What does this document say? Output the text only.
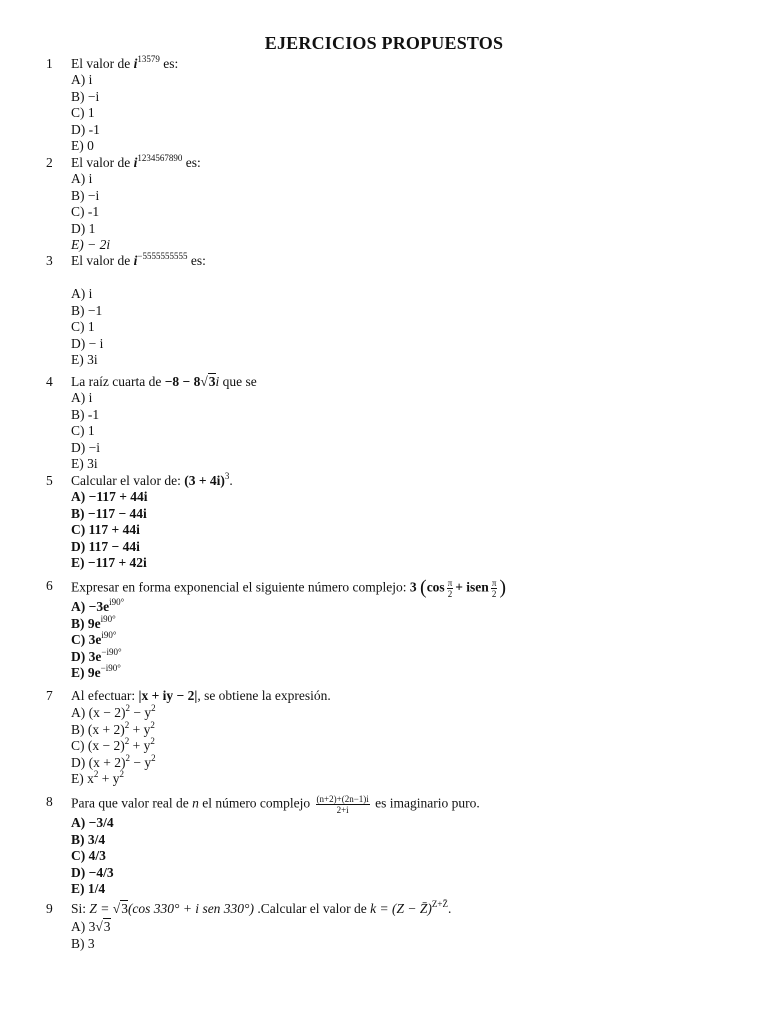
EJERCICIOS PROPUESTOS
1 El valor de $i^{13579}$ es:
A) i
B) −i
C) 1
D) -1
E) 0
2 El valor de $i^{1234567890}$ es:
A) i
B) −i
C) -1
D) 1
E) − 2i
3 El valor de $i^{-5555555555}$ es:
A) i
B) −1
C) 1
D) − i
E) 3i
4 La raíz cuarta de −8 − 8√3i que se
A) i
B) -1
C) 1
D) −i
E) 3i
5 Calcular el valor de: $(3 + 4i)^3$.
A) −117 + 44i
B) −117 − 44i
C) 117 + 44i
D) 117 − 44i
E) −117 + 42i
6 Expresar en forma exponencial el siguiente número complejo: 3 ($\cos \frac{\pi}{2}$ + isen $\frac{\pi}{2}$ )
$A) -3e^{i90^\circ}$
B) $9e^{i90^\circ}$
C) $3e^{i90^\circ}$
D) $3e^{-i90^\circ}$
E) $9e^{-i90^\circ}$
7 Al efectuar: |x + iy − 2|, se obtiene la expresión.
A) $(x - 2)^2 - y^2$
B) $(x + 2)^2 + y^2$
C) $(x - 2)^2 + y^2$
D) $(x + 2)^2 - y^2$
E) $x^2 + y^2$
8 Para que valor real de n el número complejo $\frac{(n+2)+(2n-1)i}{2+i}$ es imaginario puro.
A) −3/4
B) 3/4
C) 4/3
D) −4/3
E) 1/4
9 Si: Z = √3(cos 330° + i sen 330°) .Calcular el valor de k = (Z − Z̄)$^{Z+Z̄}$.
A) 3√3
B) 3
